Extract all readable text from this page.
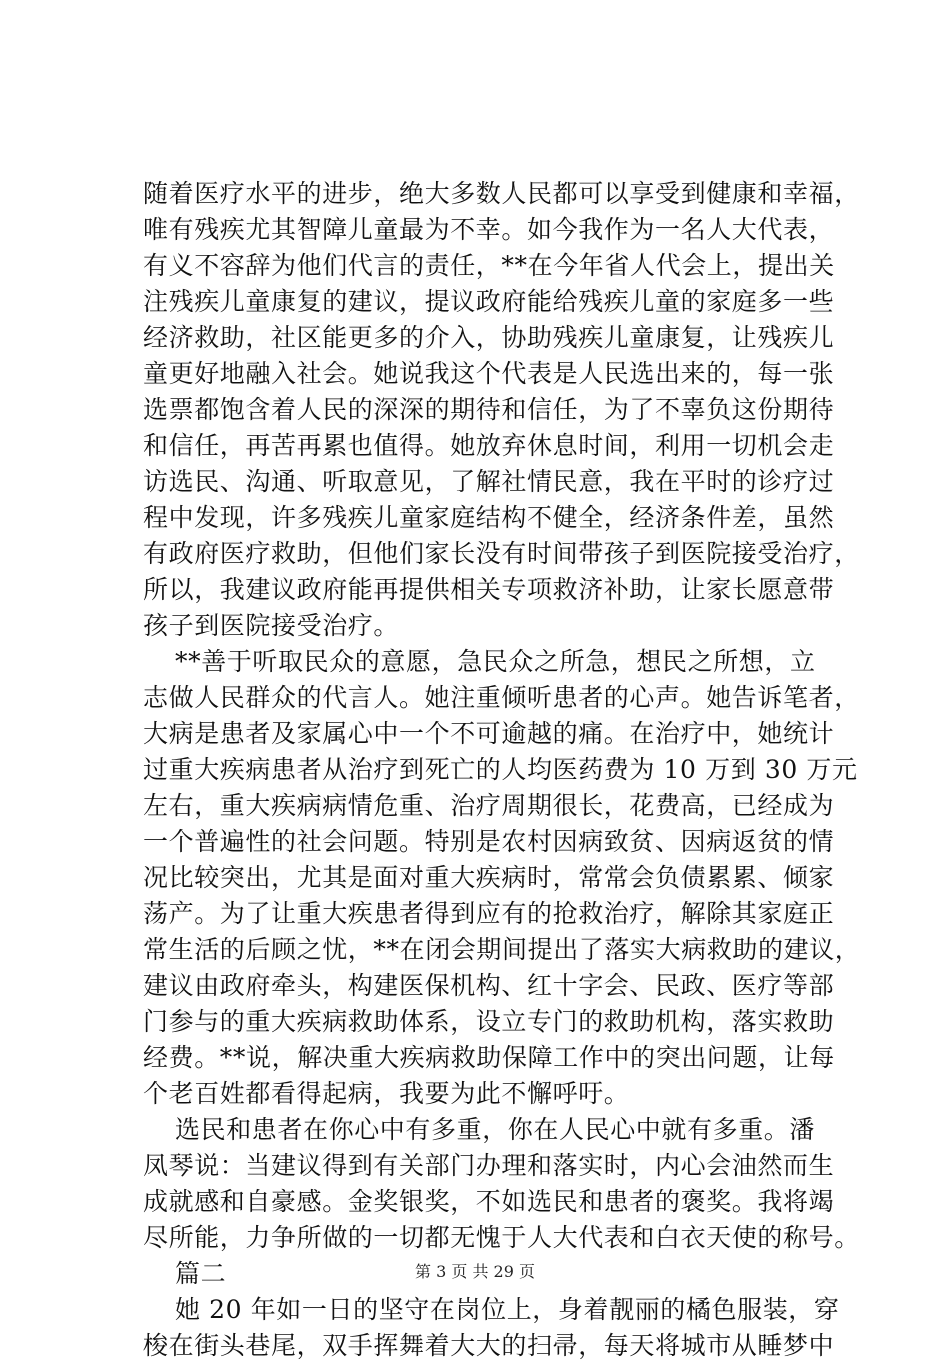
随着医疗水平的进步，绝大多数人民都可以享受到健康和幸福，
唯有残疾尤其智障儿童最为不幸。如今我作为一名人大代表，
有义不容辞为他们代言的责任，**在今年省人代会上，提出关
注残疾儿童康复的建议，提议政府能给残疾儿童的家庭多一些
经济救助，社区能更多的介入，协助残疾儿童康复，让残疾儿
童更好地融入社会。她说我这个代表是人民选出来的，每一张
选票都饱含着人民的深深的期待和信任，为了不辜负这份期待
和信任，再苦再累也值得。她放弃休息时间，利用一切机会走
访选民、沟通、听取意见，了解社情民意，我在平时的诊疗过
程中发现，许多残疾儿童家庭结构不健全，经济条件差，虽然
有政府医疗救助，但他们家长没有时间带孩子到医院接受治疗，
所以，我建议政府能再提供相关专项救济补助，让家长愿意带
孩子到医院接受治疗。
**善于听取民众的意愿，急民众之所急，想民之所想，立
志做人民群众的代言人。她注重倾听患者的心声。她告诉笔者，
大病是患者及家属心中一个不可逾越的痛。在治疗中，她统计
过重大疾病患者从治疗到死亡的人均医药费为 10 万到 30 万元
左右，重大疾病病情危重、治疗周期很长，花费高，已经成为
一个普遍性的社会问题。特别是农村因病致贫、因病返贫的情
况比较突出，尤其是面对重大疾病时，常常会负债累累、倾家
荡产。为了让重大疾患者得到应有的抢救治疗，解除其家庭正
常生活的后顾之忧，**在闭会期间提出了落实大病救助的建议，
建议由政府牵头，构建医保机构、红十字会、民政、医疗等部
门参与的重大疾病救助体系，设立专门的救助机构，落实救助
经费。**说，解决重大疾病救助保障工作中的突出问题，让每
个老百姓都看得起病，我要为此不懈呼吁。
选民和患者在你心中有多重，你在人民心中就有多重。潘
凤琴说：当建议得到有关部门办理和落实时，内心会油然而生
成就感和自豪感。金奖银奖，不如选民和患者的褒奖。我将竭
尽所能，力争所做的一切都无愧于人大代表和白衣天使的称号。
篇二
她 20 年如一日的坚守在岗位上，身着靓丽的橘色服装，穿
梭在街头巷尾，双手挥舞着大大的扫帚，每天将城市从睡梦中
第 3 页 共 29 页
